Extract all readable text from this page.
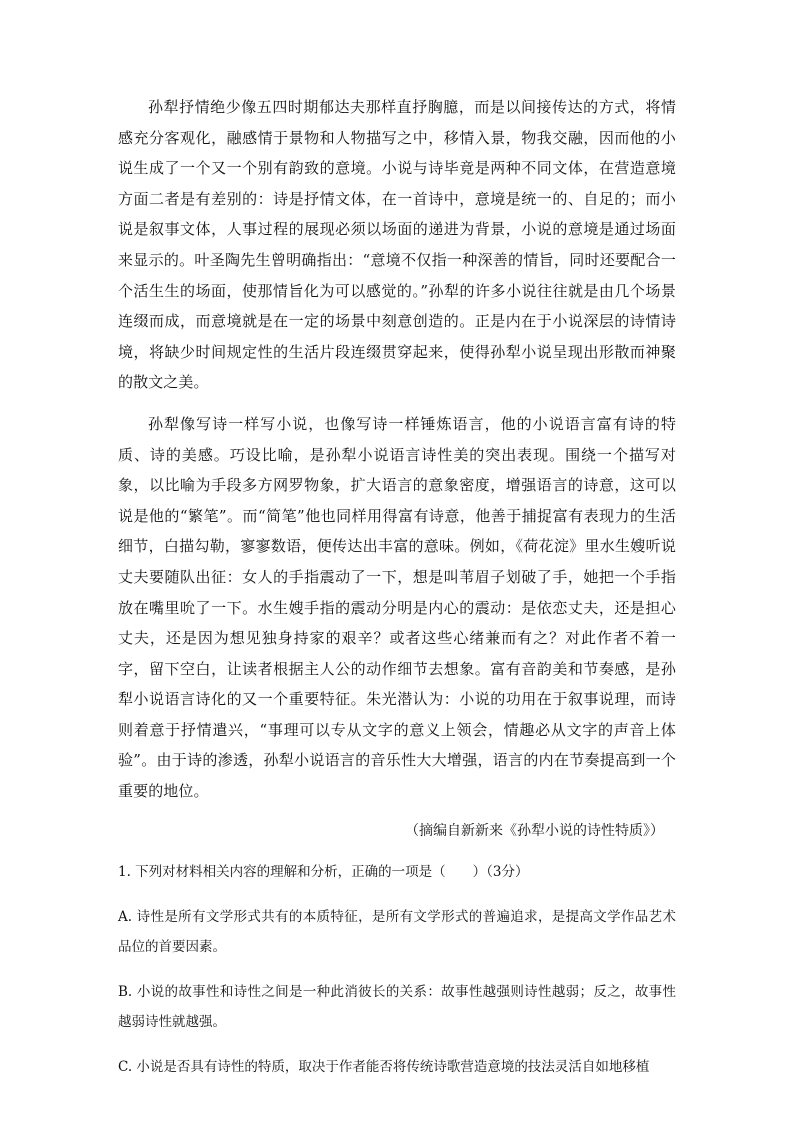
孙犁抒情绝少像五四时期郁达夫那样直抒胸臆，而是以间接传达的方式，将情感充分客观化，融感情于景物和人物描写之中，移情入景，物我交融，因而他的小说生成了一个又一个别有韵致的意境。小说与诗毕竟是两种不同文体，在营造意境方面二者是有差别的：诗是抒情文体，在一首诗中，意境是统一的、自足的；而小说是叙事文体，人事过程的展现必须以场面的递进为背景，小说的意境是通过场面来显示的。叶圣陶先生曾明确指出：“意境不仅指一种深善的情旨，同时还要配合一个活生生的场面，使那情旨化为可以感觉的。”孙犁的许多小说往往就是由几个场景连缀而成，而意境就是在一定的场景中刻意创造的。正是内在于小说深层的诗情诗境，将缺少时间规定性的生活片段连缀贯穿起来，使得孙犁小说呈现出形散而神聚的散文之美。

孙犁像写诗一样写小说，也像写诗一样锤炼语言，他的小说语言富有诗的特质、诗的美感。巧设比喻，是孙犁小说语言诗性美的突出表现。围绕一个描写对象，以比喻为手段多方网罗物象，扩大语言的意象密度，增强语言的诗意，这可以说是他的“繁笔”。而“简笔”他也同样用得富有诗意，他善于捕捉富有表现力的生活细节，白描勾勒，寥寥数语，便传达出丰富的意味。例如，《荷花淀》里水生嫂听说丈夫要随队出征：女人的手指震动了一下，想是叫苇眉子划破了手，她把一个手指放在嘴里吮了一下。水生嫂手指的震动分明是内心的震动：是依恋丈夫，还是担心丈夫，还是因为想见独身持家的艰辛？或者这些心绪兼而有之？对此作者不着一字，留下空白，让读者根据主人公的动作细节去想象。富有音韵美和节奏感，是孙犁小说语言诗化的又一个重要特征。朱光潜认为：小说的功用在于叙事说理，而诗则着意于抒情遣兴，“事理可以专从文字的意义上领会，情趣必从文字的声音上体验”。由于诗的渗透，孙犁小说语言的音乐性大大增强，语言的内在节奏提高到一个重要的地位。

（摘编自新新来《孙犁小说的诗性特质》）
1. 下列对材料相关内容的理解和分析，正确的一项是（　　）（3分）
A. 诗性是所有文学形式共有的本质特征，是所有文学形式的普遍追求，是提高文学作品艺术品位的首要因素。
B. 小说的故事性和诗性之间是一种此消彼长的关系：故事性越强则诗性越弱；反之，故事性越弱诗性就越强。
C. 小说是否具有诗性的特质，取决于作者能否将传统诗歌营造意境的技法灵活自如地移植
